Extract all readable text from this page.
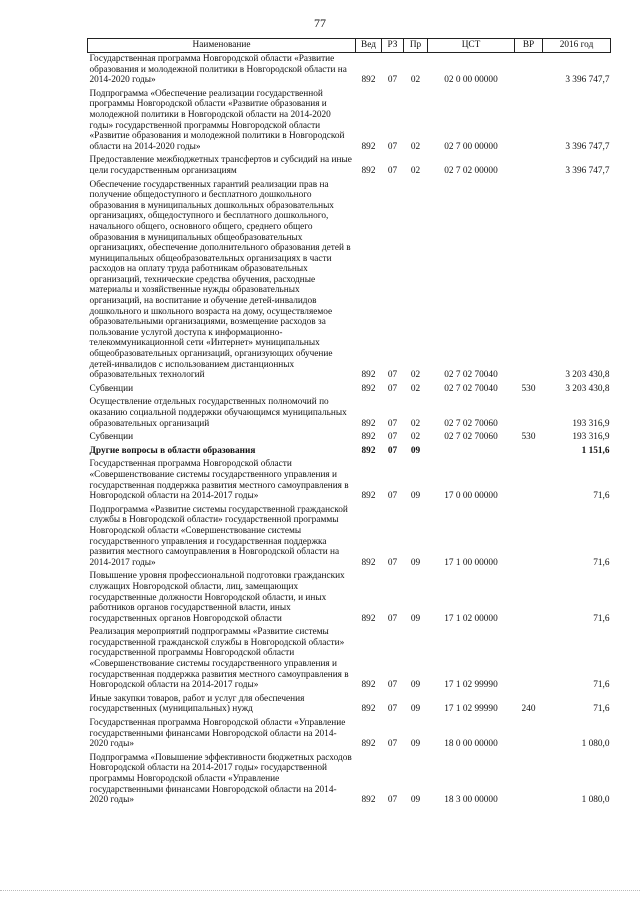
77
Наименование	Вед	РЗ	Пр	ЦСТ	ВР	2016 год
Государственная программа Новгородской области «Развитие образования и молодежной политики в Новгородской области на 2014-2020 годы»	892	07	02	02 0 00 00000		3 396 747,7
Подпрограмма «Обеспечение реализации государственной программы Новгородской области «Развитие образования и молодежной политики в Новгородской области на 2014-2020 годы» государственной программы Новгородской области «Развитие образования и молодежной политики в Новгородской области на 2014-2020 годы»	892	07	02	02 7 00 00000		3 396 747,7
Предоставление межбюджетных трансфертов и субсидий на иные цели государственным организациям	892	07	02	02 7 02 00000		3 396 747,7
Обеспечение государственных гарантий реализации прав на получение общедоступного и бесплатного дошкольного образования в муниципальных дошкольных образовательных организациях, общедоступного и бесплатного дошкольного, начального общего, основного общего, среднего общего образования в муниципальных общеобразовательных организациях, обеспечение дополнительного образования детей в муниципальных общеобразовательных организациях в части расходов на оплату труда работникам образовательных организаций, технические средства обучения, расходные материалы и хозяйственные нужды образовательных организаций, на воспитание и обучение детей-инвалидов дошкольного и школьного возраста на дому, осуществляемое образовательными организациями, возмещение расходов за пользование услугой доступа к информационно-телекоммуникационной сети «Интернет» муниципальных общеобразовательных организаций, организующих обучение детей-инвалидов с использованием дистанционных образовательных технологий	892	07	02	02 7 02 70040		3 203 430,8
Субвенции	892	07	02	02 7 02 70040	530	3 203 430,8
Осуществление отдельных государственных полномочий по оказанию социальной поддержки обучающимся муниципальных образовательных организаций	892	07	02	02 7 02 70060		193 316,9
Субвенции	892	07	02	02 7 02 70060	530	193 316,9
Другие вопросы в области образования	892	07	09			1 151,6
Государственная программа Новгородской области «Совершенствование системы государственного управления и государственная поддержка развития местного самоуправления в Новгородской области на 2014-2017 годы»	892	07	09	17 0 00 00000		71,6
Подпрограмма «Развитие системы государственной гражданской службы в Новгородской области» государственной программы Новгородской области «Совершенствование системы государственного управления и государственная поддержка развития местного самоуправления в Новгородской области на 2014-2017 годы»	892	07	09	17 1 00 00000		71,6
Повышение уровня профессиональной подготовки гражданских служащих Новгородской области, лиц, замещающих государственные должности Новгородской области, и иных работников органов государственной власти, иных государственных органов Новгородской области	892	07	09	17 1 02 00000		71,6
Реализация мероприятий подпрограммы «Развитие системы государственной гражданской службы в Новгородской области» государственной программы Новгородской области «Совершенствование системы государственного управления и государственная поддержка развития местного самоуправления в Новгородской области на 2014-2017 годы»	892	07	09	17 1 02 99990		71,6
Иные закупки товаров, работ и услуг для обеспечения государственных (муниципальных) нужд	892	07	09	17 1 02 99990	240	71,6
Государственная программа Новгородской области «Управление государственными финансами Новгородской области на 2014-2020 годы»	892	07	09	18 0 00 00000		1 080,0
Подпрограмма «Повышение эффективности бюджетных расходов Новгородской области на 2014-2017 годы» государственной программы Новгородской области «Управление государственными финансами Новгородской области на 2014-2020 годы»	892	07	09	18 3 00 00000		1 080,0
